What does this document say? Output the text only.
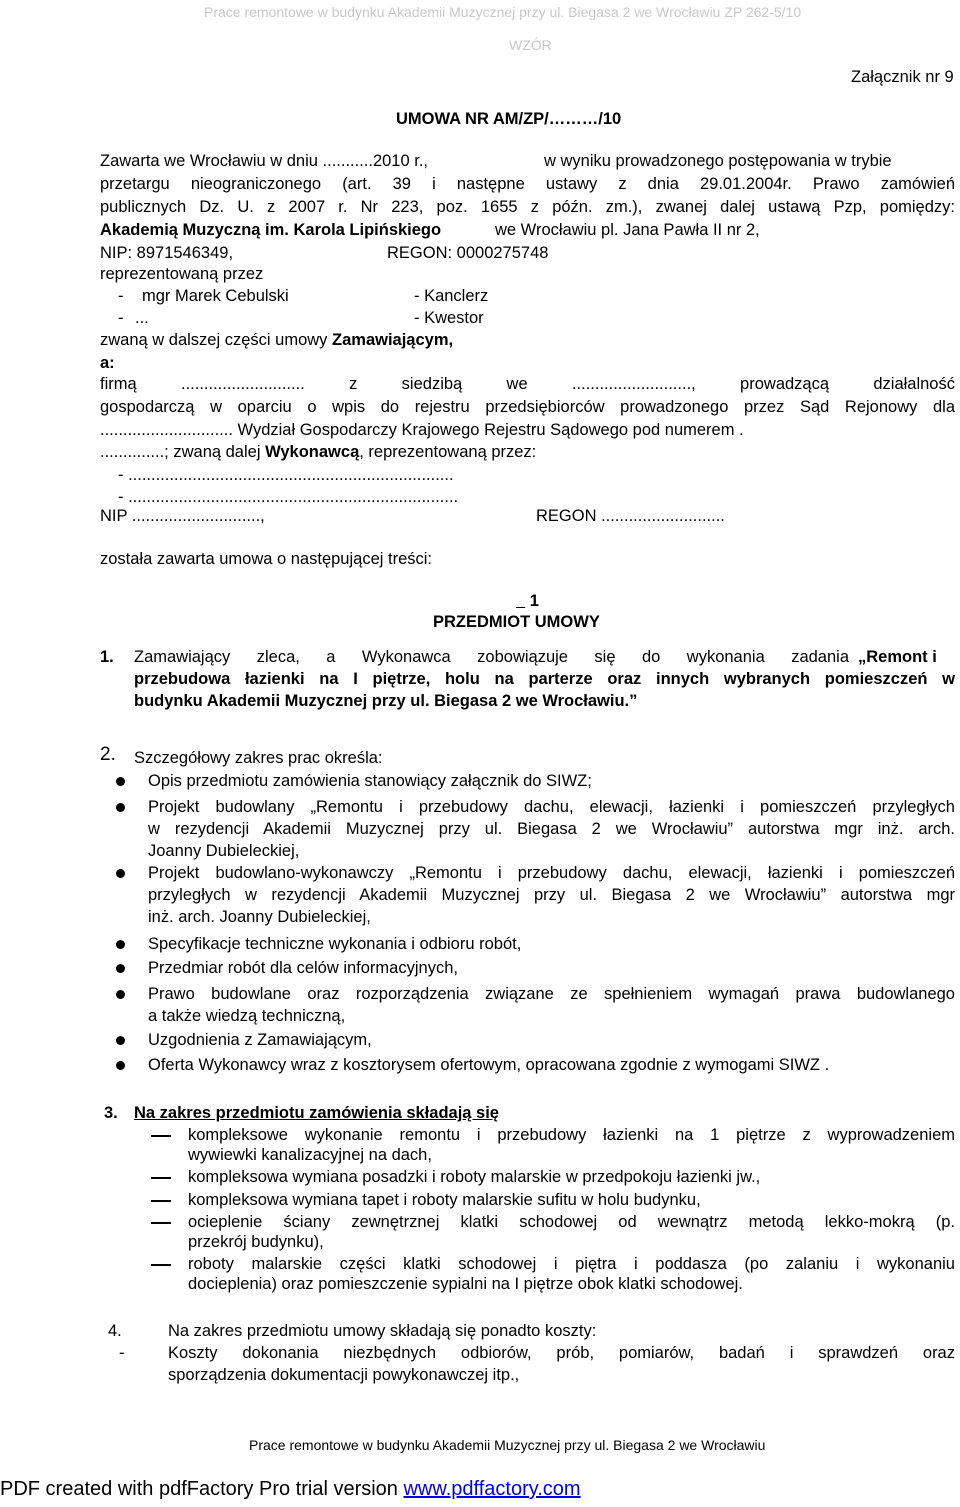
Prace remontowe w budynku Akademii Muzycznej przy ul. Biegasa 2 we Wrocławiu ZP 262-5/10
WZÓR
Załącznik nr 9
UMOWA NR AM/ZP/………/10
Zawarta we Wrocławiu w dniu ...........2010 r.,	w wyniku prowadzonego postępowania w trybie
przetargu nieograniczonego (art. 39 i następne ustawy z dnia 29.01.2004r. Prawo zamówień
publicznych Dz. U. z 2007 r. Nr 223, poz. 1655 z późn. zm.), zwanej dalej ustawą Pzp, pomiędzy:
Akademią Muzyczną im. Karola Lipińskiego	we Wrocławiu pl. Jana Pawła II nr 2,
NIP: 8971546349,	REGON: 0000275748
reprezentowaną przez
- mgr Marek Cebulski	- Kanclerz
- ...	- Kwestor
zwaną w dalszej części umowy Zamawiającym,
a:
firmą ........................... z siedzibą we .........................., prowadzącą działalność
gospodarczą w oparciu o wpis do rejestru przedsiębiorców prowadzonego przez Sąd Rejonowy dla
............................. Wydział Gospodarczy Krajowego Rejestru Sądowego pod numerem .
..............; zwaną dalej Wykonawcą, reprezentowaną przez:
- .......................................................................
- ........................................................................
NIP ............................,	REGON ...........................
została zawarta umowa o następującej treści:
1
PRZEDMIOT UMOWY
1. Zamawiający zleca, a Wykonawca zobowiązuje się do wykonania zadania „Remont i
przebudowa łazienki na I piętrze, holu na parterze oraz innych wybranych pomieszczeń w
budynku Akademii Muzycznej przy ul. Biegasa 2 we Wrocławiu.”
2. Szczegółowy zakres prac określa:
Opis przedmiotu zamówienia stanowiący załącznik do SIWZ;
Projekt budowlany „Remontu i przebudowy dachu, elewacji, łazienki i pomieszczeń przyległych
w rezydencji Akademii Muzycznej przy ul. Biegasa 2 we Wrocławiu” autorstwa mgr inż. arch.
Joanny Dubieleckiej,
Projekt budowlano-wykonawczy „Remontu i przebudowy dachu, elewacji, łazienki i pomieszczeń
przyległych w rezydencji Akademii Muzycznej przy ul. Biegasa 2 we Wrocławiu” autorstwa mgr
inż. arch. Joanny Dubieleckiej,
Specyfikacje techniczne wykonania i odbioru robót,
Przedmiar robót dla celów informacyjnych,
Prawo budowlane oraz rozporządzenia związane ze spełnieniem wymagań prawa budowlanego
a także wiedzą techniczną,
Uzgodnienia z Zamawiającym,
Oferta Wykonawcy wraz z kosztorysem ofertowym, opracowana zgodnie z wymogami SIWZ .
3. Na zakres przedmiotu zamówienia składają się
kompleksowe wykonanie remontu i przebudowy łazienki na 1 piętrze z wyprowadzeniem
wywiewki kanalizacyjnej na dach,
kompleksowa wymiana posadzki i roboty malarskie w przedpokoju łazienki jw.,
kompleksowa wymiana tapet i roboty malarskie sufitu w holu budynku,
ocieplenie ściany zewnętrznej klatki schodowej od wewnątrz metodą lekko-mokrą (p.
przekrój budynku),
roboty malarskie części klatki schodowej i piętra i poddasza (po zalaniu i wykonaniu
docieplenia) oraz pomieszczenie sypialni na I piętrze obok klatki schodowej.
4.	Na zakres przedmiotu umowy składają się ponadto koszty:
-	Koszty dokonania niezbędnych odbiorów, prób, pomiarów, badań i sprawdzeń oraz
sporządzenia dokumentacji powykonawczej itp.,
Prace remontowe w budynku Akademii Muzycznej przy ul. Biegasa 2 we Wrocławiu
PDF created with pdfFactory Pro trial version www.pdffactory.com
